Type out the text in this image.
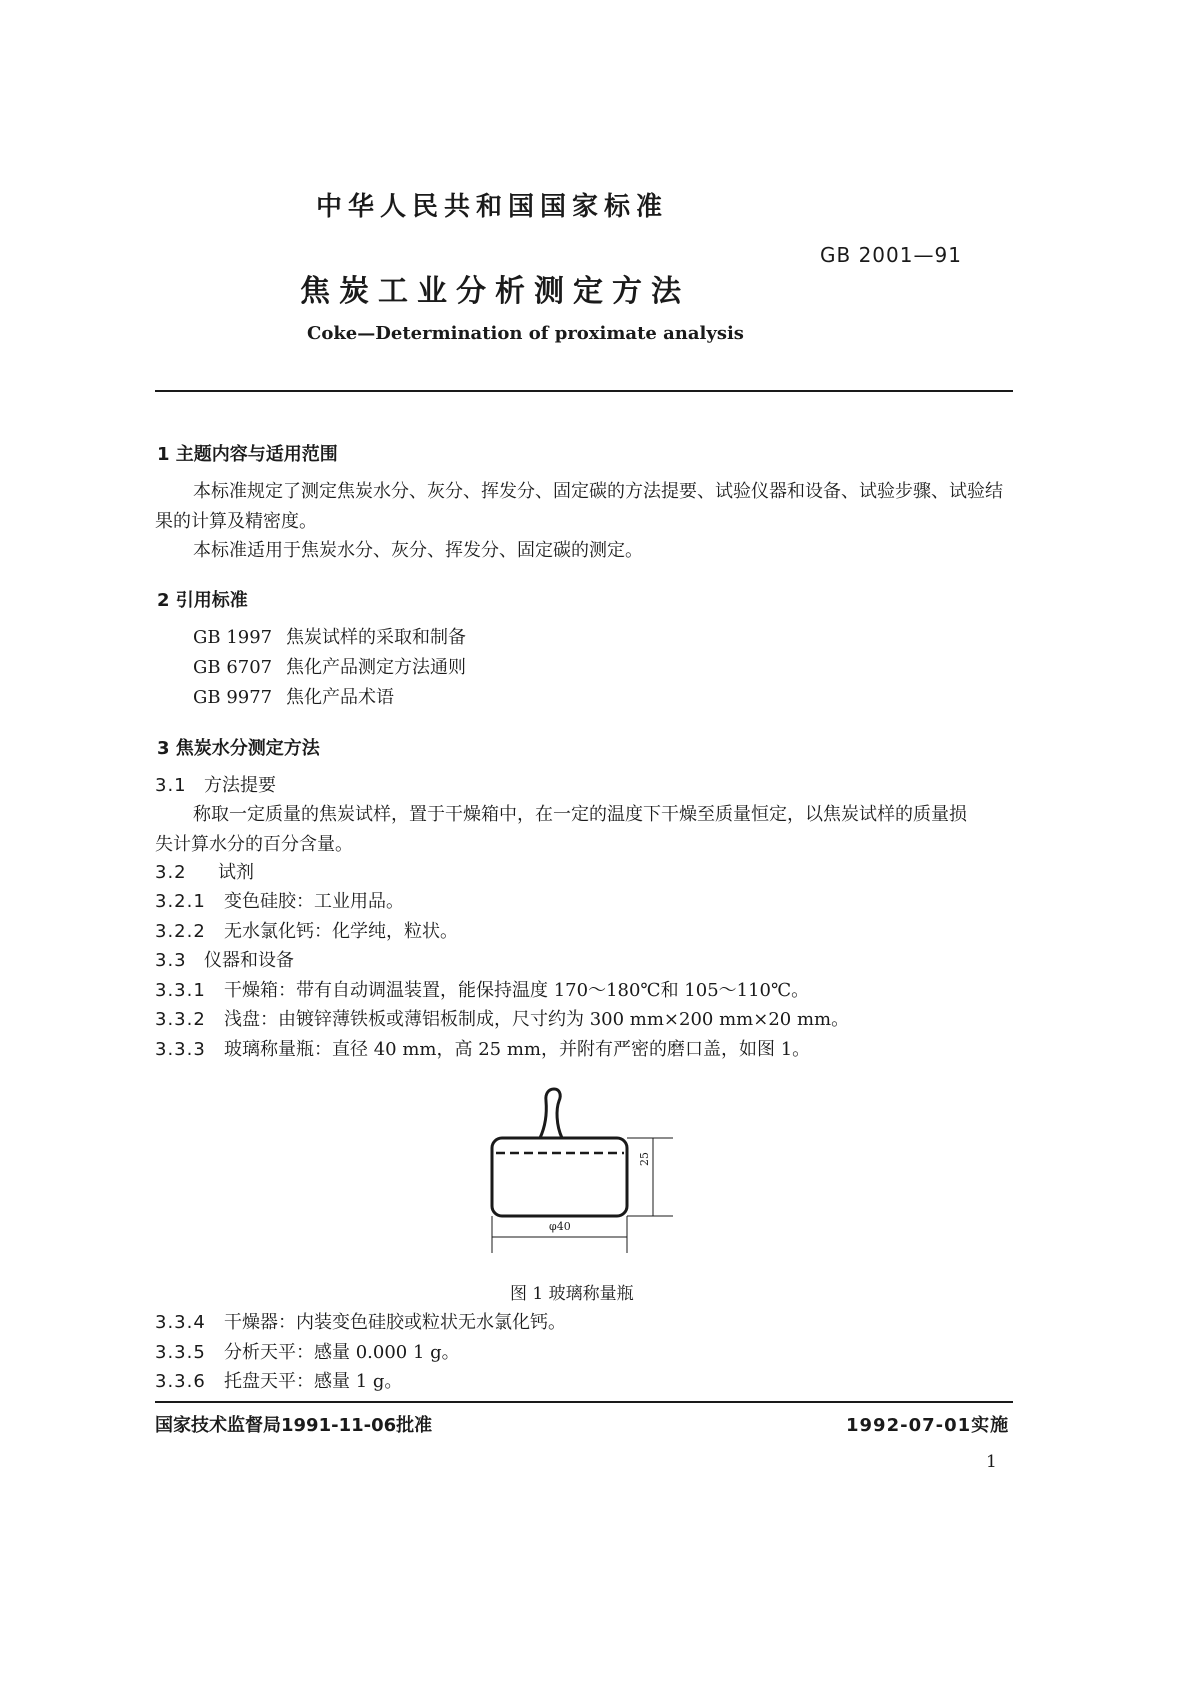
中华人民共和国国家标准
GB 2001—91
焦炭工业分析测定方法
Coke—Determination of proximate analysis
1 主题内容与适用范围
本标准规定了测定焦炭水分、灰分、挥发分、固定碳的方法提要、试验仪器和设备、试验步骤、试验结
果的计算及精密度。
本标准适用于焦炭水分、灰分、挥发分、固定碳的测定。
2 引用标准
GB 1997 焦炭试样的采取和制备
GB 6707 焦化产品测定方法通则
GB 9977 焦化产品术语
3 焦炭水分测定方法
3.1 方法提要
称取一定质量的焦炭试样，置于干燥箱中，在一定的温度下干燥至质量恒定，以焦炭试样的质量损
失计算水分的百分含量。
3.2 试剂
3.2.1 变色硅胶：工业用品。
3.2.2 无水氯化钙：化学纯，粒状。
3.3 仪器和设备
3.3.1 干燥箱：带有自动调温装置，能保持温度 170～180℃和 105～110℃。
3.3.2 浅盘：由镀锌薄铁板或薄铝板制成，尺寸约为 300 mm×200 mm×20 mm。
3.3.3 玻璃称量瓶：直径 40 mm，高 25 mm，并附有严密的磨口盖，如图 1。
25
φ40
图 1 玻璃称量瓶
3.3.4 干燥器：内装变色硅胶或粒状无水氯化钙。
3.3.5 分析天平：感量 0.000 1 g。
3.3.6 托盘天平：感量 1 g。
国家技术监督局1991-11-06批准	1992-07-01实施
1
